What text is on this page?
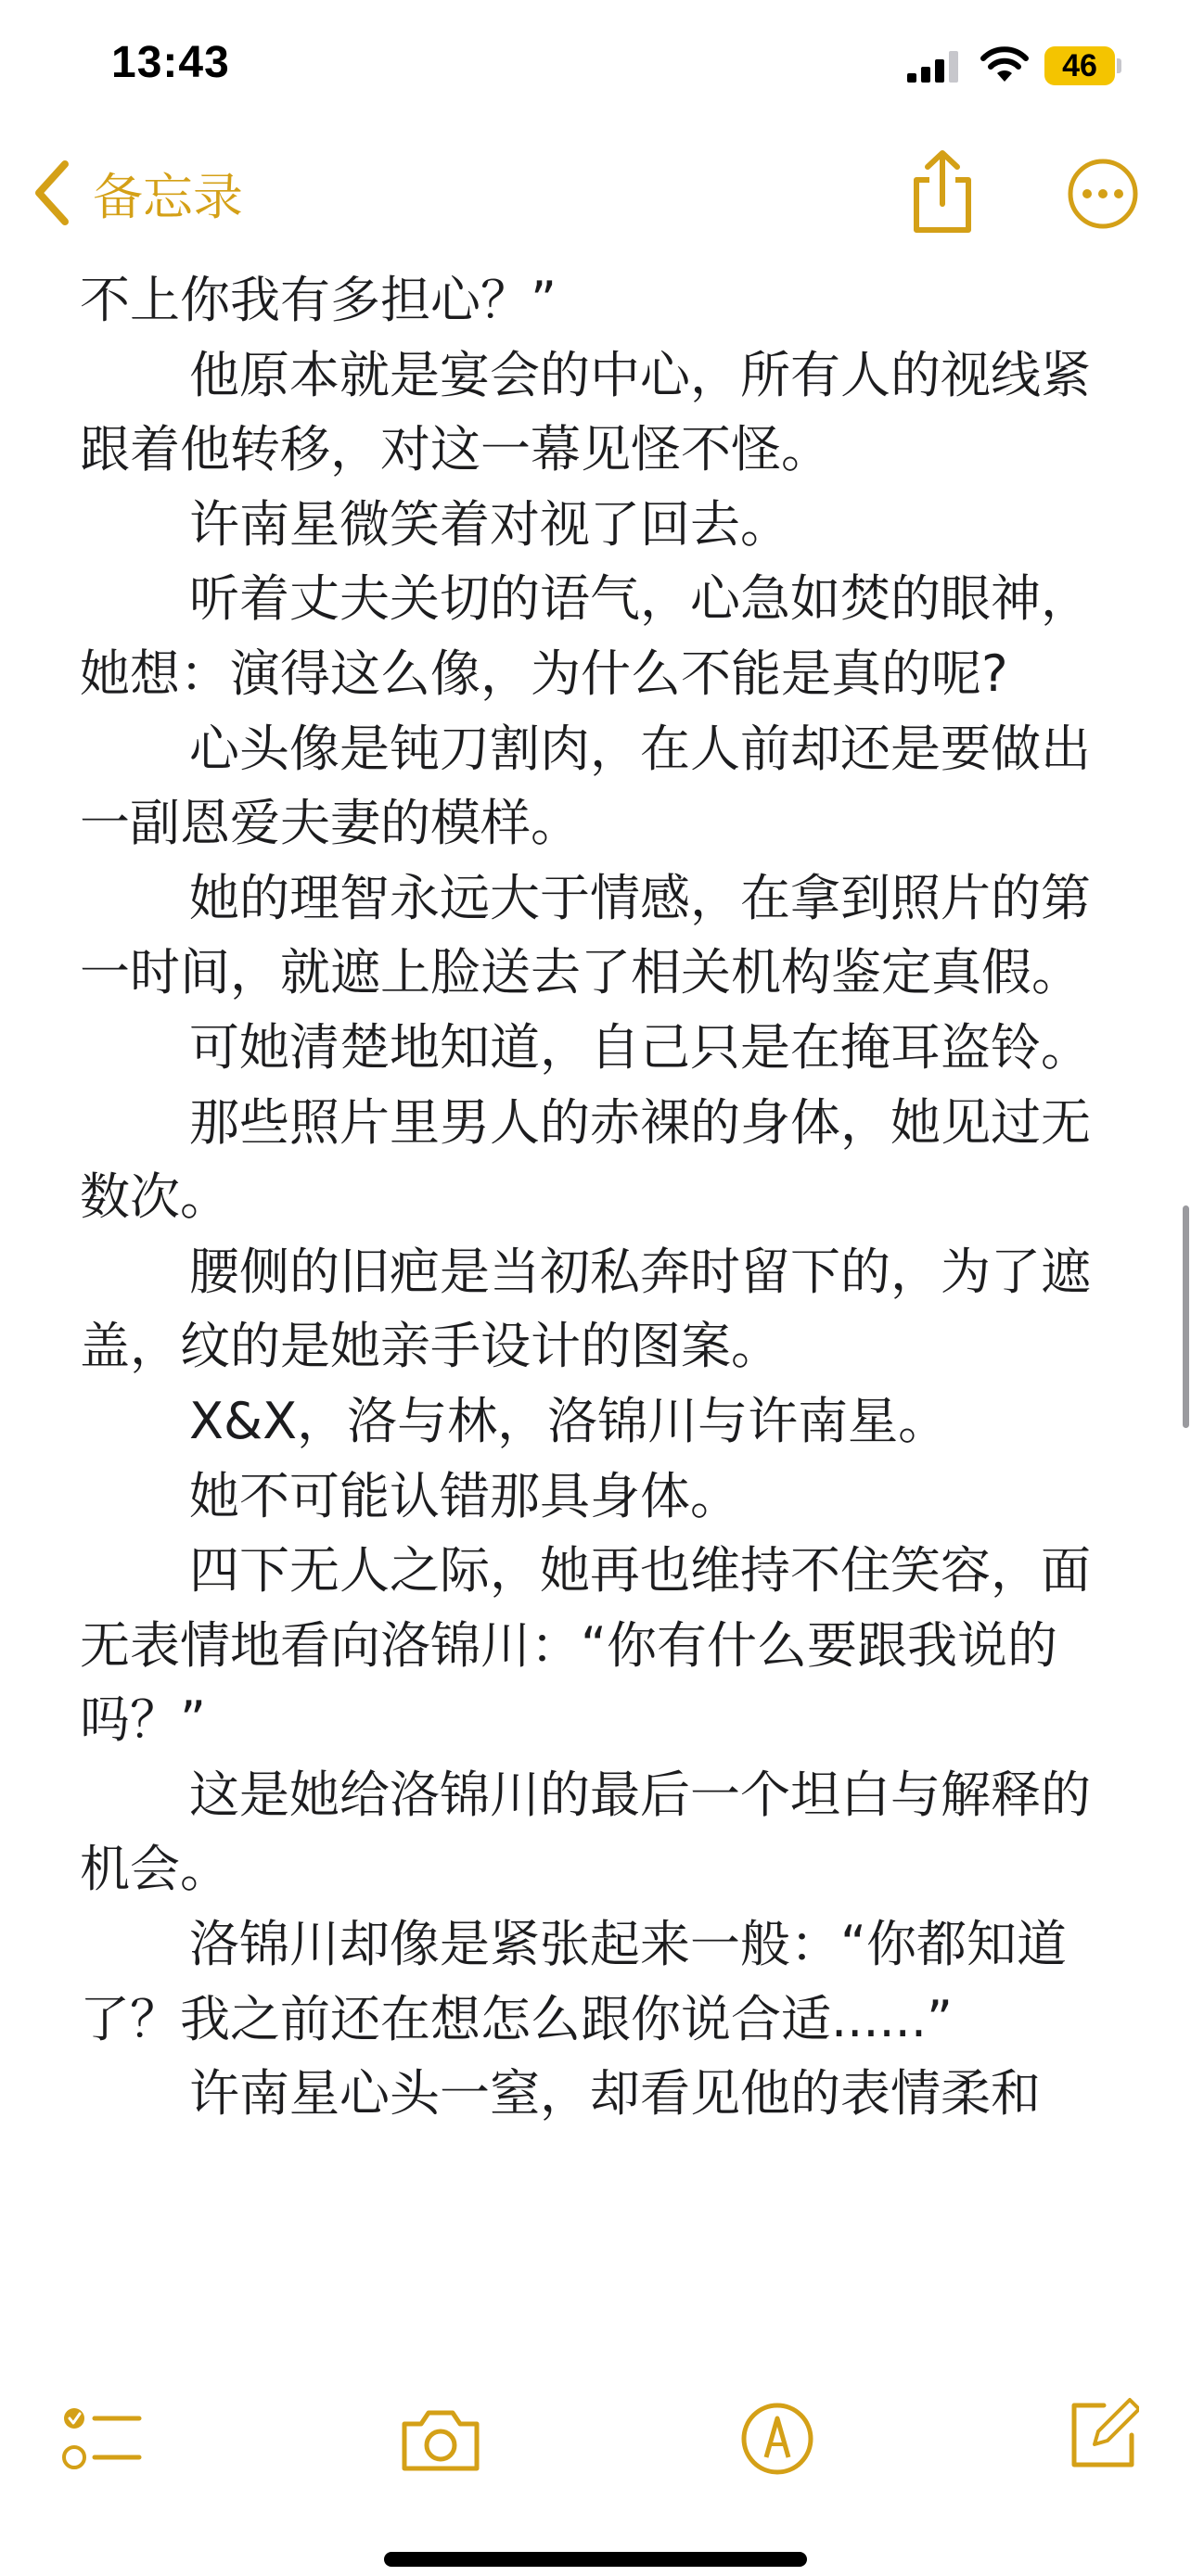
13:43	46
备忘录

不上你我有多担心？”

他原本就是宴会的中心，所有人的视线紧跟着他转移，对这一幕见怪不怪。

许南星微笑着对视了回去。

听着丈夫关切的语气，心急如焚的眼神，她想：演得这么像，为什么不能是真的呢?

心头像是钝刀割肉，在人前却还是要做出一副恩爱夫妻的模样。

她的理智永远大于情感，在拿到照片的第一时间，就遮上脸送去了相关机构鉴定真假。

可她清楚地知道，自己只是在掩耳盗铃。

那些照片里男人的赤裸的身体，她见过无数次。

腰侧的旧疤是当初私奔时留下的，为了遮盖，纹的是她亲手设计的图案。

X&X，洛与林，洛锦川与许南星。

她不可能认错那具身体。

四下无人之际，她再也维持不住笑容，面无表情地看向洛锦川：“你有什么要跟我说的吗？”

这是她给洛锦川的最后一个坦白与解释的机会。

洛锦川却像是紧张起来一般：“你都知道了？我之前还在想怎么跟你说合适......”

许南星心头一窒，却看见他的表情柔和
